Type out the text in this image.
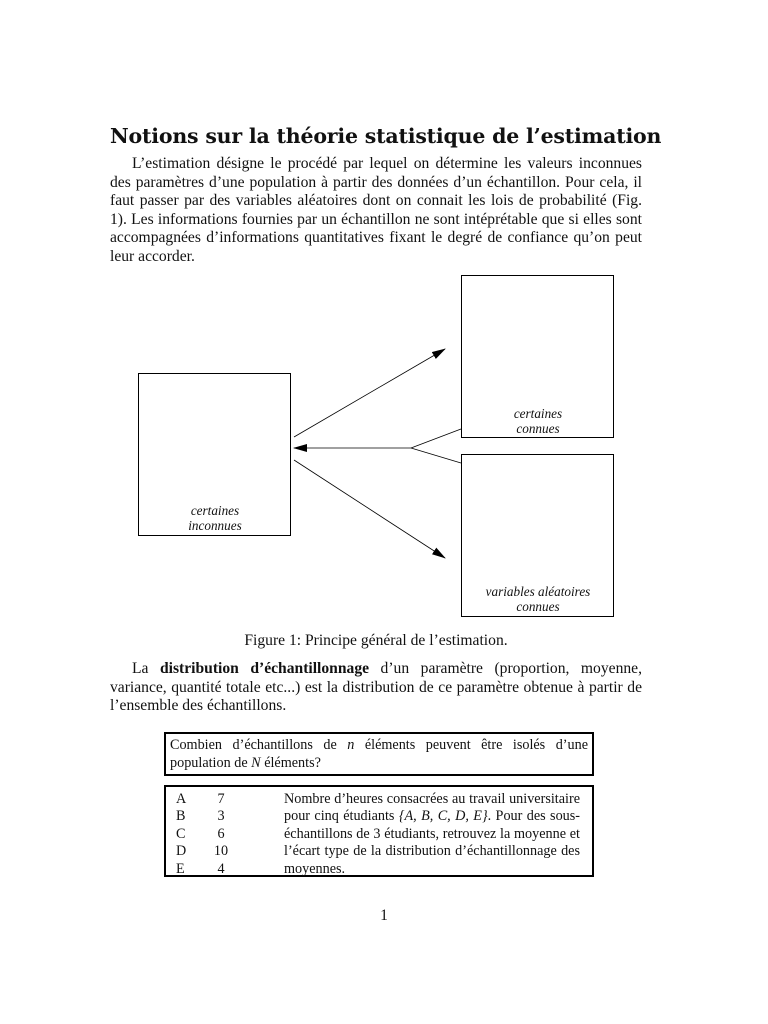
Notions sur la théorie statistique de l’estimation

L’estimation désigne le procédé par lequel on détermine les valeurs inconnues des paramètres d’une population à partir des données d’un échantillon. Pour cela, il faut passer par des variables aléatoires dont on connait les lois de probabilité (Fig. 1). Les informations fournies par un échantillon ne sont intéprétable que si elles sont accompagnées d’informations quantitatives fixant le degré de confiance qu’on peut leur accorder.

certaines
inconnues
certaines
connues
variables aléatoires
connues
Figure 1: Principe général de l’estimation.

La distribution d’échantillonnage d’un paramètre (proportion, moyenne, variance, quantité totale etc...) est la distribution de ce paramètre obtenue à partir de l’ensemble des échantillons.

Combien d’échantillons de n éléments peuvent être isolés d’une population de N éléments?
A	7
B	3
C	6
D	10
E	4
Nombre d’heures consacrées au travail universitaire pour cinq étudiants {A, B, C, D, E}. Pour des sous-échantillons de 3 étudiants, retrouvez la moyenne et l’écart type de la distribution d’échantillonnage des moyennes.
1
